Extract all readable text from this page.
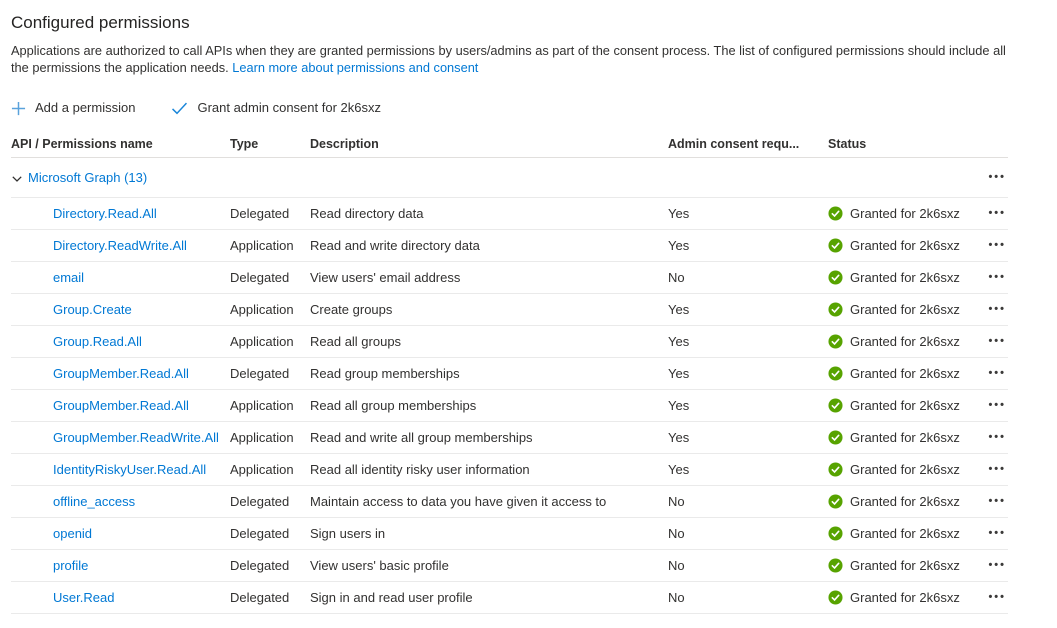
Configured permissions

Applications are authorized to call APIs when they are granted permissions by users/admins as part of the consent process. The list of configured permissions should include all the permissions the application needs. Learn more about permissions and consent

Add a permission	Grant admin consent for 2k6sxz
API / Permissions name	Type	Description	Admin consent requ...	Status
Microsoft Graph (13)	•••
Directory.Read.All	Delegated	Read directory data	Yes	Granted for 2k6sxz	•••
Directory.ReadWrite.All	Application	Read and write directory data	Yes	Granted for 2k6sxz	•••
email	Delegated	View users' email address	No	Granted for 2k6sxz	•••
Group.Create	Application	Create groups	Yes	Granted for 2k6sxz	•••
Group.Read.All	Application	Read all groups	Yes	Granted for 2k6sxz	•••
GroupMember.Read.All	Delegated	Read group memberships	Yes	Granted for 2k6sxz	•••
GroupMember.Read.All	Application	Read all group memberships	Yes	Granted for 2k6sxz	•••
GroupMember.ReadWrite.All Application	Read and write all group memberships	Yes	Granted for 2k6sxz	•••
IdentityRiskyUser.Read.All	Application	Read all identity risky user information	Yes	Granted for 2k6sxz	•••
offline_access	Delegated	Maintain access to data you have given it access to	No	Granted for 2k6sxz	•••
openid	Delegated	Sign users in	No	Granted for 2k6sxz	•••
profile	Delegated	View users' basic profile	No	Granted for 2k6sxz	•••
User.Read	Delegated	Sign in and read user profile	No	Granted for 2k6sxz	•••
